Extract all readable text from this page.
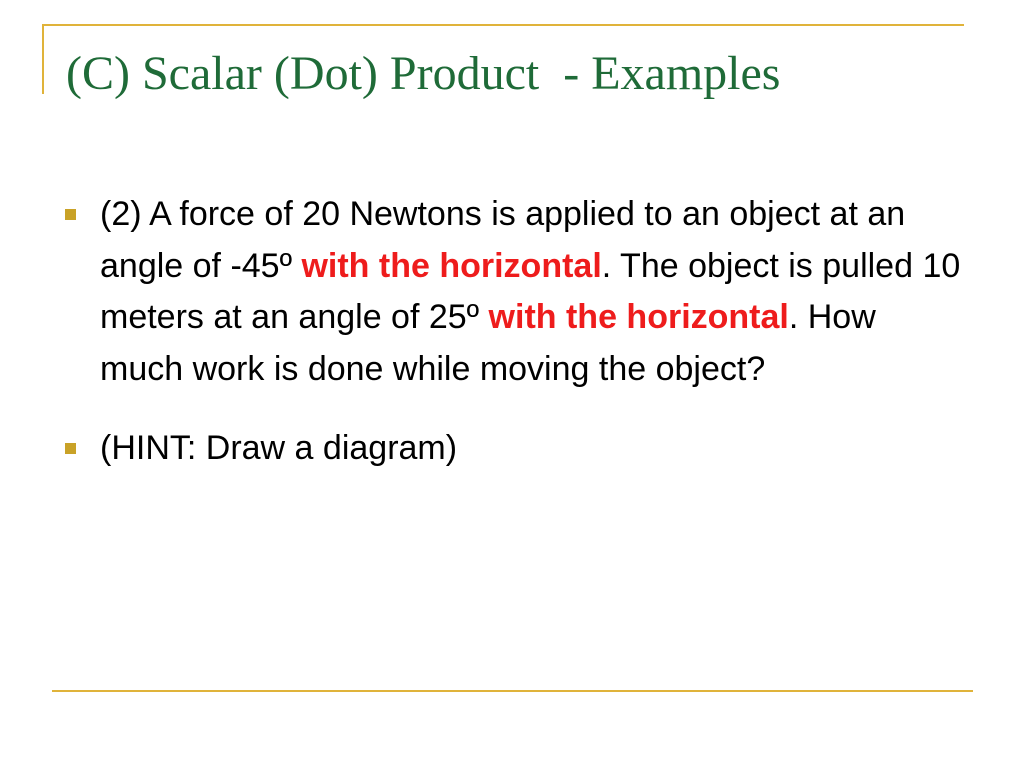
(C) Scalar (Dot) Product  - Examples
(2) A force of 20 Newtons is applied to an object at an angle of -45º with the horizontal. The object is pulled 10 meters at an angle of 25º with the horizontal. How much work is done while moving the object?
(HINT: Draw a diagram)
